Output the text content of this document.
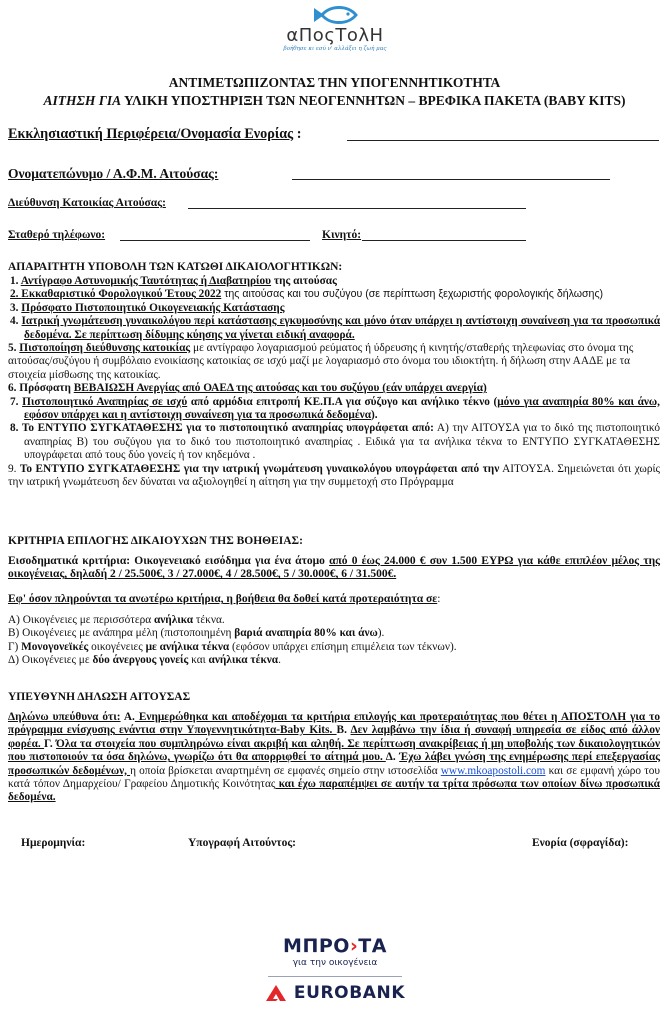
αΠοςΤολΗ
βοήθησε κι εσύ ν' αλλάξει η ζωή μας
ΑΝΤΙΜΕΤΩΠΙΖΟΝΤΑΣ ΤΗΝ ΥΠΟΓΕΝΝΗΤΙΚΟΤΗΤΑ
ΑΙΤΗΣΗ ΓΙΑ ΥΛΙΚΗ ΥΠΟΣΤΗΡΙΞΗ ΤΩΝ ΝΕΟΓΕΝΝΗΤΩΝ – ΒΡΕΦΙΚΑ ΠΑΚΕΤΑ (BABY KITS)
Εκκλησιαστική Περιφέρεια/Ονομασία Ενορίας :
Ονοματεπώνυμο / Α.Φ.Μ. Αιτούσας:
Διεύθυνση Κατοικίας Αιτούσας:
Σταθερό τηλέφωνο:	Κινητό:
ΑΠΑΡΑΙΤΗΤΗ ΥΠΟΒΟΛΗ ΤΩΝ ΚΑΤΩΘΙ ΔΙΚΑΙΟΛΟΓΗΤΙΚΩΝ:

1. Αντίγραφο Αστυνομικής Ταυτότητας ή Διαβατηρίου της αιτούσας

2. Εκκαθαριστικό Φορολογικού Έτους 2022 της αιτούσας και του συζύγου (σε περίπτωση ξεχωριστής φορολογικής δήλωσης)

3. Πρόσφατο Πιστοποιητικό Οικογενειακής Κατάστασης

4. Ιατρική γνωμάτευση γυναικολόγου περί κατάστασης εγκυμοσύνης και μόνο όταν υπάρχει η αντίστοιχη συναίνεση για τα προσωπικά δεδομένα. Σε περίπτωση δίδυμης κύησης να γίνεται ειδική αναφορά.

5. Πιστοποίηση διεύθυνσης κατοικίας με αντίγραφο λογαριασμού ρεύματος ή ύδρευσης ή κινητής/σταθερής τηλεφωνίας στο όνομα της αιτούσας/συζύγου ή συμβόλαιο ενοικίασης κατοικίας σε ισχύ μαζί με λογαριασμό στο όνομα του ιδιοκτήτη. ή δήλωση στην ΑΑΔΕ με τα στοιχεία μίσθωσης της κατοικίας.

6. Πρόσφατη ΒΕΒΑΙΩΣΗ Ανεργίας από ΟΑΕΔ της αιτούσας και του συζύγου (εάν υπάρχει ανεργία)

7. Πιστοποιητικό Αναπηρίας σε ισχύ από αρμόδια επιτροπή ΚΕ.Π.Α για σύζυγο και ανήλικο τέκνο (μόνο για αναπηρία 80% και άνω, εφόσον υπάρχει και η αντίστοιχη συναίνεση για τα προσωπικά δεδομένα).

8. Το ΕΝΤΥΠΟ ΣΥΓΚΑΤΑΘΕΣΗΣ για το πιστοποιητικό αναπηρίας υπογράφεται από: Α) την ΑΙΤΟΥΣΑ για το δικό της πιστοποιητικό αναπηρίας Β) του συζύγου για το δικό του πιστοποιητικό αναπηρίας . Ειδικά για τα ανήλικα τέκνα το ΕΝΤΥΠΟ ΣΥΓΚΑΤΑΘΕΣΗΣ υπογράφεται από τους δύο γονείς ή τον κηδεμόνα .

9. Το ΕΝΤΥΠΟ ΣΥΓΚΑΤΑΘΕΣΗΣ για την ιατρική γνωμάτευση γυναικολόγου υπογράφεται από την ΑΙΤΟΥΣΑ. Σημειώνεται ότι χωρίς την ιατρική γνωμάτευση δεν δύναται να αξιολογηθεί η αίτηση για την συμμετοχή στο Πρόγραμμα

ΚΡΙΤΗΡΙΑ ΕΠΙΛΟΓΗΣ ΔΙΚΑΙΟΥΧΩΝ ΤΗΣ ΒΟΗΘΕΙΑΣ:
Εισοδηματικά κριτήρια: Οικογενειακό εισόδημα για ένα άτομο από 0 έως 24.000 € συν 1.500 ΕΥΡΩ για κάθε επιπλέον μέλος της οικογένειας, δηλαδή 2 / 25.500€, 3 / 27.000€, 4 / 28.500€, 5 / 30.000€, 6 / 31.500€.
Εφ' όσον πληρούνται τα ανωτέρω κριτήρια, η βοήθεια θα δοθεί κατά προτεραιότητα σε:

Α) Οικογένειες με περισσότερα ανήλικα τέκνα.

Β) Οικογένειες με ανάπηρα μέλη (πιστοποιημένη βαριά αναπηρία 80% και άνω).

Γ) Μονογονεϊκές οικογένειες με ανήλικα τέκνα (εφόσον υπάρχει επίσημη επιμέλεια των τέκνων).

Δ) Οικογένειες με δύο άνεργους γονείς και ανήλικα τέκνα.

ΥΠΕΥΘΥΝΗ ΔΗΛΩΣΗ ΑΙΤΟΥΣΑΣ
Δηλώνω υπεύθυνα ότι: Α. Ενημερώθηκα και αποδέχομαι τα κριτήρια επιλογής και προτεραιότητας που θέτει η ΑΠΟΣΤΟΛΗ για το πρόγραμμα ενίσχυσης ενάντια στην Υπογεννητικότητα-Baby Kits. Β. Δεν λαμβάνω την ίδια ή συναφή υπηρεσία σε είδος από άλλον φορέα. Γ. Όλα τα στοιχεία που συμπληρώνω είναι ακριβή και αληθή. Σε περίπτωση ανακρίβειας ή μη υποβολής των δικαιολογητικών που πιστοποιούν τα όσα δηλώνω, γνωρίζω ότι θα απορριφθεί το αίτημά μου. Δ. Έχω λάβει γνώση της ενημέρωσης περί επεξεργασίας προσωπικών δεδομένων, η οποία βρίσκεται αναρτημένη σε εμφανές σημείο στην ιστοσελίδα www.mkoapostoli.com και σε εμφανή χώρο του κατά τόπον Δημαρχείου/ Γραφείου Δημοτικής Κοινότητας και έχω παραπέμψει σε αυτήν τα τρίτα πρόσωπα των οποίων δίνω προσωπικά δεδομένα.
Ημερομηνία:	Υπογραφή Αιτούντος:	Ενορία (σφραγίδα):
ΜΠΡΟ›ΤΑ
για την οικογένεια
EUROBANK
